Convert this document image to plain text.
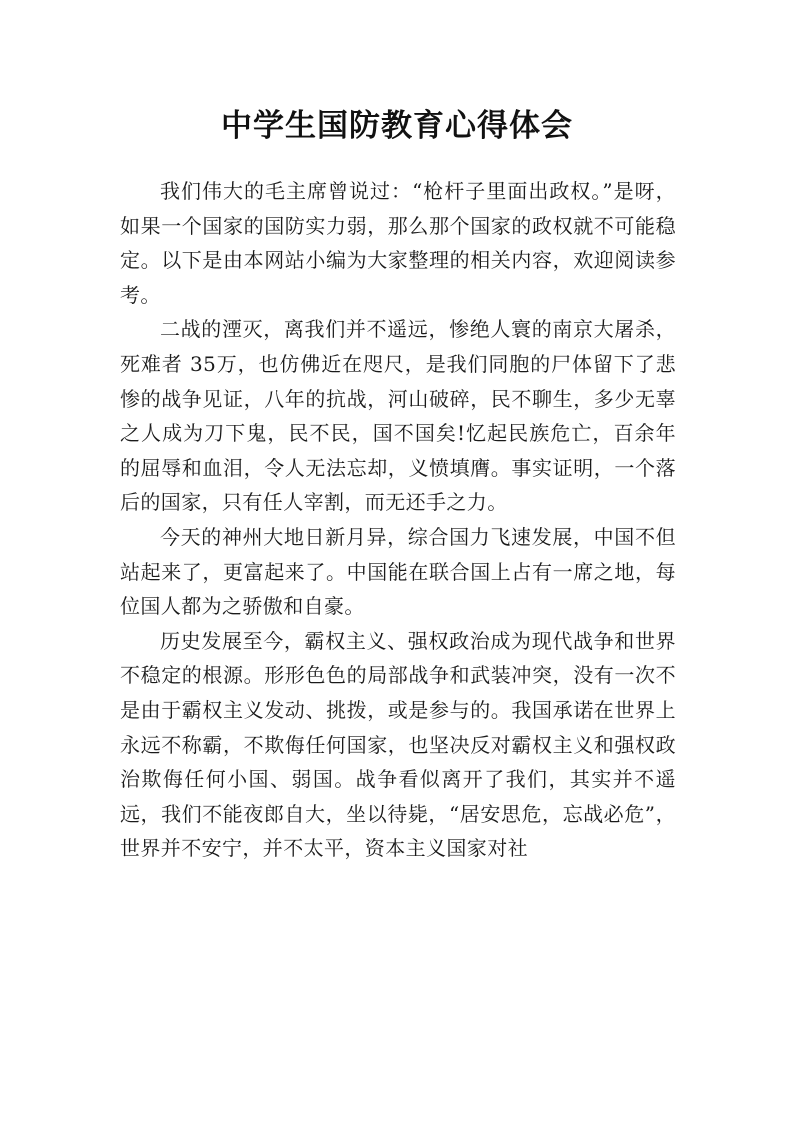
中学生国防教育心得体会

我们伟大的毛主席曾说过：“枪杆子里面出政权。”是呀，如果一个国家的国防实力弱，那么那个国家的政权就不可能稳定。以下是由本网站小编为大家整理的相关内容，欢迎阅读参考。

二战的湮灭，离我们并不遥远，惨绝人寰的南京大屠杀，死难者 35万，也仿佛近在咫尺，是我们同胞的尸体留下了悲惨的战争见证，八年的抗战，河山破碎，民不聊生，多少无辜之人成为刀下鬼，民不民，国不国矣!忆起民族危亡，百余年的屈辱和血泪，令人无法忘却，义愤填膺。事实证明，一个落后的国家，只有任人宰割，而无还手之力。

今天的神州大地日新月异，综合国力飞速发展，中国不但站起来了，更富起来了。中国能在联合国上占有一席之地，每位国人都为之骄傲和自豪。

历史发展至今，霸权主义、强权政治成为现代战争和世界不稳定的根源。形形色色的局部战争和武装冲突，没有一次不是由于霸权主义发动、挑拨，或是参与的。我国承诺在世界上永远不称霸，不欺侮任何国家，也坚决反对霸权主义和强权政治欺侮任何小国、弱国。战争看似离开了我们，其实并不遥远，我们不能夜郎自大，坐以待毙，“居安思危，忘战必危”，世界并不安宁，并不太平，资本主义国家对社
